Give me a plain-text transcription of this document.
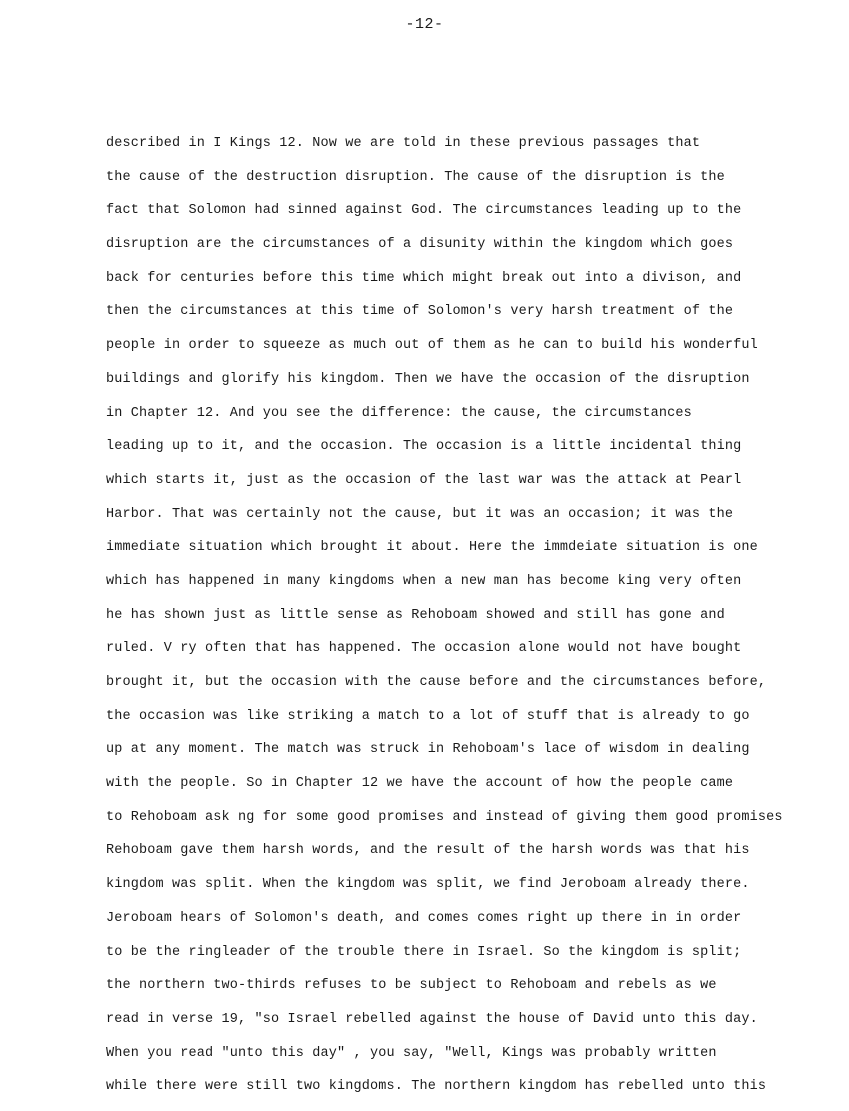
-12-
described in I Kings 12. Now we are told in these previous passages that
the cause of the destruction disruption. The cause of the disruption is the
fact that Solomon had sinned against God. The circumstances leading up to the
disruption are the circumstances of a disunity within the kingdom which goes
back for centuries before this time which might break out into a divison, and
then the circumstances at this time of Solomon's very harsh treatment of the
people in order to squeeze as much out of them as he can to build his wonderful
buildings and glorify his kingdom. Then we have the occasion of the disruption
in Chapter 12. And you see the difference: the cause, the circumstances
leading up to it, and the occasion. The occasion is a little incidental thing
which starts it, just as the occasion of the last war was the attack at Pearl
Harbor. That was certainly not the cause, but it was an occasion; it was the
immediate situation which brought it about. Here the immdeiate situation is one
which has happened in many kingdoms when a new man has become king very often
he has shown just as little sense as Rehoboam showed and still has gone and
ruled. V ry often that has happened. The occasion alone would not have bought
brought it, but the occasion with the cause before and the circumstances before,
the occasion was like striking a match to a lot of stuff that is already to go
up at any moment. The match was struck in Rehoboam's lace of wisdom in dealing
with the people. So in Chapter 12 we have the account of how the people came
to Rehoboam ask ng for some good promises and instead of giving them good promises
Rehoboam gave them harsh words, and the result of the harsh words was that his
kingdom was split. When the kingdom was split, we find Jeroboam already there.
Jeroboam hears of Solomon's death, and comes comes right up there in in order
to be the ringleader of the trouble there in Israel. So the kingdom is split;
the northern two-thirds refuses to be subject to Rehoboam and rebels as we
read in verse 19, "so Israel rebelled against the house of David unto this day.
When you read "unto this day" , you say, "Well, Kings was probably written
while there were still two kingdoms. The northern kingdom has rebelled unto this
